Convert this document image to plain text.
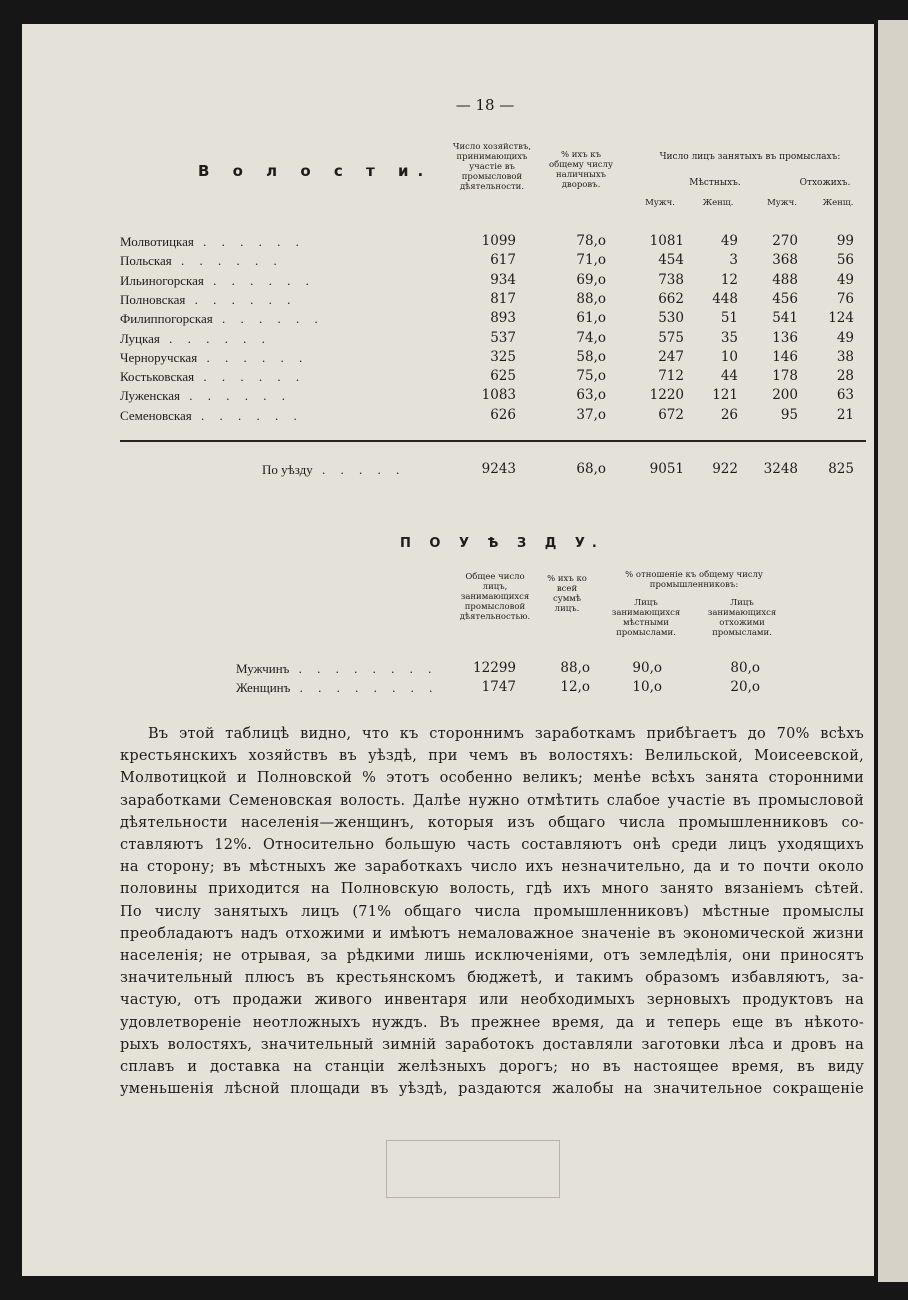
— 18 —
В о л о с т и.
Число хозяйствъ, принимающихъ участіе въ промысловой дѣятельности.
% ихъ къ общему числу наличныхъ дворовъ.
Число лицъ занятыхъ въ промыслахъ:
Мѣстныхъ.	Отхожихъ.
Мужч.	Женщ.	Мужч.	Женщ.
Молвотицкая . . . . . .	1099	78,о	1081	49	270	99
Польская . . . . . .	617	71,о	454	3	368	56
Ильиногорская . . . . . .	934	69,о	738	12	488	49
Полновская . . . . . .	817	88,о	662	448	456	76
Филиппогорская . . . . . .	893	61,о	530	51	541	124
Луцкая . . . . . .	537	74,о	575	35	136	49
Черноручская . . . . . .	325	58,о	247	10	146	38
Костьковская . . . . . .	625	75,о	712	44	178	28
Луженская . . . . . .	1083	63,о	1220	121	200	63
Семеновская . . . . . .	626	37,о	672	26	95	21
По уѣзду . . . . .	9243	68,о	9051	922	3248	825
П О У Ѣ З Д У.
Общее число лицъ, занимающихся промысловой дѣятельностью.
% ихъ ко всей суммѣ лицъ.
% отношеніе къ общему числу промышленниковъ:
Лицъ занимающихся мѣстными промыслами.
Лицъ занимающихся отхожими промыслами.
Мужчинъ . . . . . . . .	12299	88,о	90,о	80,о
Женщинъ . . . . . . . .	1747	12,о	10,о	20,о
Въ этой таблицѣ видно, что къ стороннимъ заработкамъ прибѣгаетъ до 70% всѣхъ
крестьянскихъ хозяйствъ въ уѣздѣ, при чемъ въ волостяхъ: Велильской, Моисеевской,
Молвотицкой и Полновской % этотъ особенно великъ; менѣе всѣхъ занята сторонними
заработками Семеновская волость. Далѣе нужно отмѣтить слабое участіе въ промысловой
дѣятельности населенія—женщинъ, которыя изъ общаго числа промышленниковъ со-
ставляютъ 12%. Относительно большую часть составляютъ онѣ среди лицъ уходящихъ
на сторону; въ мѣстныхъ же заработкахъ число ихъ незначительно, да и то почти около
половины приходится на Полновскую волость, гдѣ ихъ много занято вязаніемъ сѣтей.
По числу занятыхъ лицъ (71% общаго числа промышленниковъ) мѣстные промыслы
преобладаютъ надъ отхожими и имѣютъ немаловажное значеніе въ экономической жизни
населенія; не отрывая, за рѣдкими лишь исключеніями, отъ земледѣлія, они приносятъ
значительный плюсъ въ крестьянскомъ бюджетѣ, и такимъ образомъ избавляютъ, за-
частую, отъ продажи живого инвентаря или необходимыхъ зерновыхъ продуктовъ на
удовлетвореніе неотложныхъ нуждъ. Въ прежнее время, да и теперь еще въ нѣкото-
рыхъ волостяхъ, значительный зимній заработокъ доставляли заготовки лѣса и дровъ на
сплавъ и доставка на станціи желѣзныхъ дорогъ; но въ настоящее время, въ виду
уменьшенія лѣсной площади въ уѣздѣ, раздаются жалобы на значительное сокращеніе
